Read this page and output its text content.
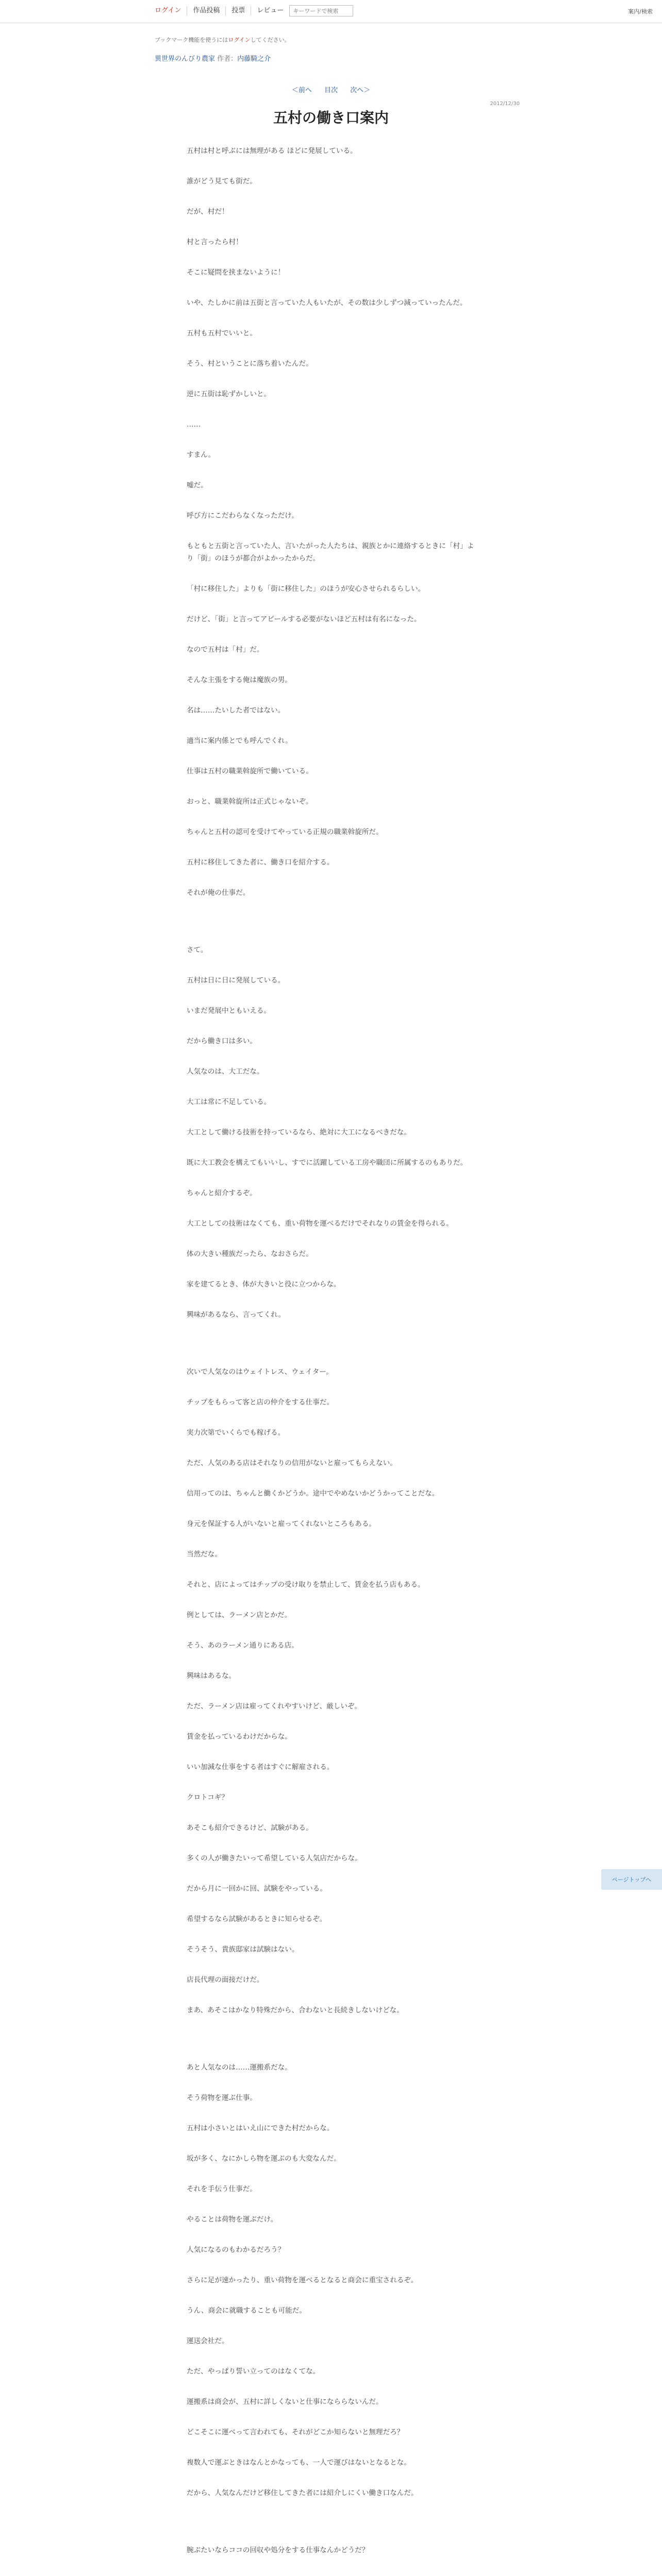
ログイン	作品投稿	投票	レビュー
キーワードで検索	案内/検索
ブックマーク機能を使うにはログインしてください。
異世界のんびり農家 作者：内藤騎之介
＜前へ 目次 次へ＞
2012/12/30
五村の働き口案内

五村は村と呼ぶには無理がある ほどに発展している。

誰がどう見ても街だ。

だが、村だ！

村と言ったら村！

そこに疑問を挟まないように！

いや、たしかに前は五街と言っていた人もいたが、その数は少しずつ減っていったんだ。

五村も五村でいいと。

そう、村ということに落ち着いたんだ。

逆に五街は恥ずかしいと。

……

すまん。

嘘だ。

呼び方にこだわらなくなっただけ。

もともと五街と言っていた人、言いたがった人たちは、親族とかに連絡するときに「村」より「街」のほうが都合がよかったからだ。

「村に移住した」よりも「街に移住した」のほうが安心させられるらしい。

だけど、「街」と言ってアピールする必要がないほど五村は有名になった。

なので五村は「村」だ。

そんな主張をする俺は魔族の男。

名は……たいした者ではない。

適当に案内係とでも呼んでくれ。

仕事は五村の職業斡旋所で働いている。

おっと、職業斡旋所は正式じゃないぞ。

ちゃんと五村の認可を受けてやっている正規の職業斡旋所だ。

五村に移住してきた者に、働き口を紹介する。

それが俺の仕事だ。

さて。

五村は日に日に発展している。

いまだ発展中ともいえる。

だから働き口は多い。

人気なのは、大工だな。

大工は常に不足している。

大工として働ける技術を持っているなら、絶対に大工になるべきだな。

既に大工教会を構えてもいいし、すでに活躍している工房や職団に所属するのもありだ。

ちゃんと紹介するぞ。

大工としての技術はなくても、重い荷物を運べるだけでそれなりの賃金を得られる。

体の大きい種族だったら、なおさらだ。

家を建てるとき、体が大きいと役に立つからな。

興味があるなら、言ってくれ。

次いで人気なのはウェイトレス、ウェイター。

チップをもらって客と店の仲介をする仕事だ。

実力次第でいくらでも稼げる。

ただ、人気のある店はそれなりの信用がないと雇ってもらえない。

信用ってのは、ちゃんと働くかどうか。途中でやめないかどうかってことだな。

身元を保証する人がいないと雇ってくれないところもある。

当然だな。

それと、店によってはチップの受け取りを禁止して、賃金を払う店もある。

例としては、ラーメン店とかだ。

そう、あのラーメン通りにある店。

興味はあるな。

ただ、ラーメン店は雇ってくれやすいけど、厳しいぞ。

賃金を払っているわけだからな。

いい加減な仕事をする者はすぐに解雇される。

クロトコギ？

あそこも紹介できるけど、試験がある。

多くの人が働きたいって希望している人気店だからな。

だから月に一回かに回、試験をやっている。

希望するなら試験があるときに知らせるぞ。

そうそう、貴族邸家は試験はない。

店長代理の面接だけだ。

まあ、あそこはかなり特殊だから、合わないと長続きしないけどな。

あと人気なのは……運搬系だな。

そう荷物を運ぶ仕事。

五村は小さいとはいえ山にできた村だからな。

坂が多く、なにかしら物を運ぶのも大変なんだ。

それを手伝う仕事だ。

やることは荷物を運ぶだけ。

人気になるのもわかるだろう？

さらに足が速かったり、重い荷物を運べるとなると商会に重宝されるぞ。

うん、商会に就職することも可能だ。

運送会社だ。

ただ、やっぱり誓い立ってのはなくてな。

運搬系は商会が、五村に詳しくないと仕事になららないんだ。

どこそこに運べって言われても、それがどこか知らないと無理だろ？

複数人で運ぶときはなんとかなっても、一人で運びはないとなるとな。

だから、人気なんだけど移住してきた者には紹介しにくい働き口なんだ。

腕ぶたいならココの回収や処分をする仕事なんかどうだ？

ページトップへ
